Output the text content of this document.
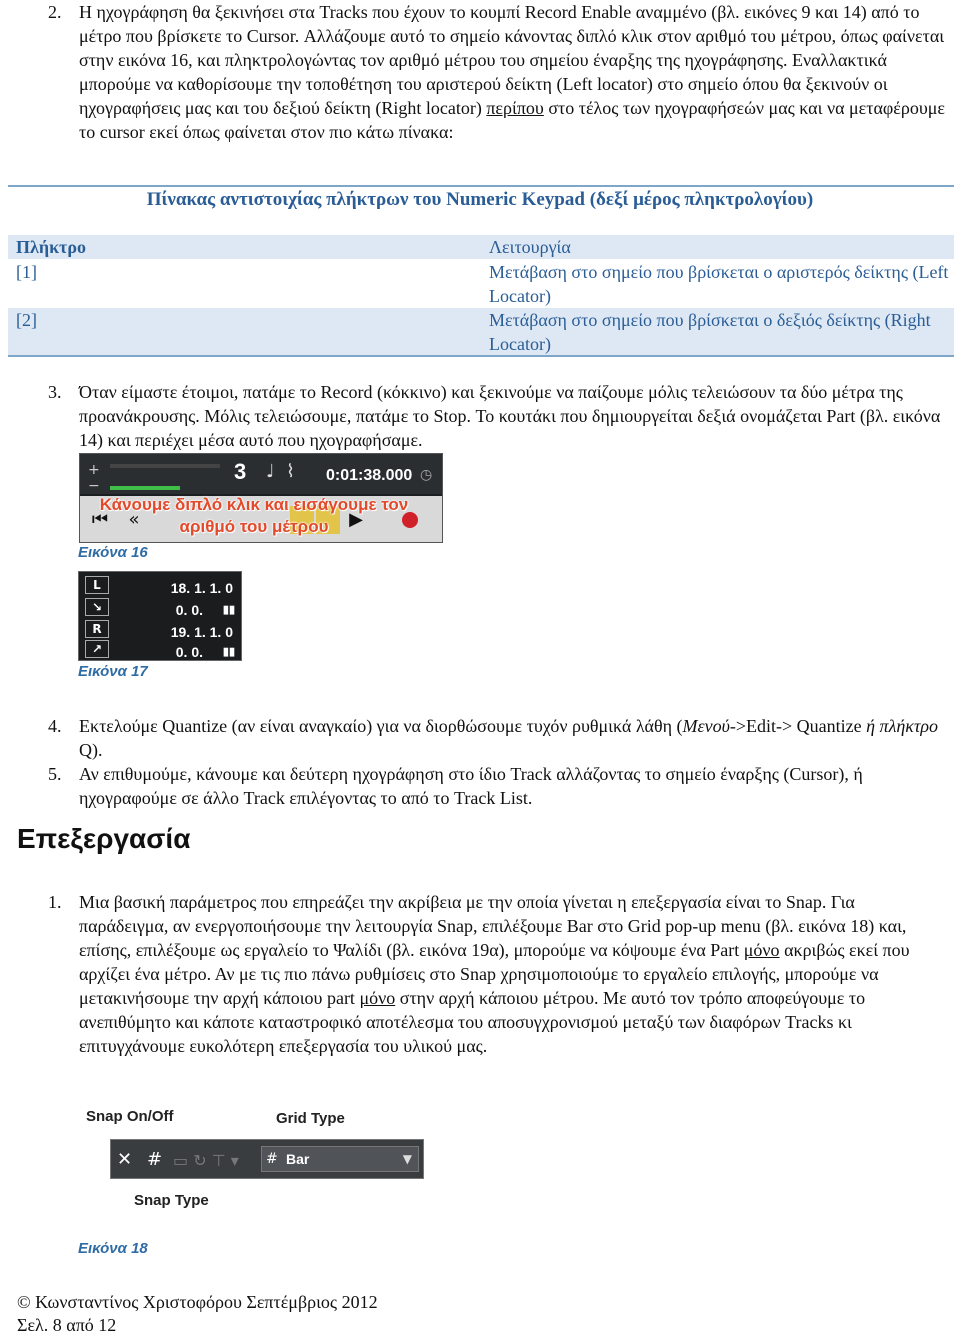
2. Η ηχογράφηση θα ξεκινήσει στα Tracks που έχουν το κουμπί Record Enable αναμμένο (βλ. εικόνες 9 και 14) από το μέτρο που βρίσκετε το Cursor. Αλλάζουμε αυτό το σημείο κάνοντας διπλό κλικ στον αριθμό του μέτρου, όπως φαίνεται στην εικόνα 16, και πληκτρολογώντας τον αριθμό μέτρου του σημείου έναρξης της ηχογράφησης. Εναλλακτικά μπορούμε να καθορίσουμε την τοποθέτηση του αριστερού δείκτη (Left locator) στο σημείο όπου θα ξεκινούν οι ηχογραφήσεις μας και του δεξιού δείκτη (Right locator) περίπου στο τέλος των ηχογραφήσεών μας και να μεταφέρουμε το cursor εκεί όπως φαίνεται στον πιο κάτω πίνακα:
Πίνακας αντιστοιχίας πλήκτρων του Numeric Keypad (δεξί μέρος πληκτρολογίου)
Πλήκτρο	Λειτουργία
[1]	Μετάβαση στο σημείο που βρίσκεται ο αριστερός δείκτης (Left Locator)
[2]	Μετάβαση στο σημείο που βρίσκεται ο δεξιός δείκτης (Right Locator)
3. Όταν είμαστε έτοιμοι, πατάμε το Record (κόκκινο) και ξεκινούμε να παίζουμε μόλις τελειώσουν τα δύο μέτρα της προανάκρουσης. Μόλις τελειώσουμε, πατάμε το Stop. Το κουτάκι που δημιουργείται δεξιά ονομάζεται Part (βλ. εικόνα 14) και περιέχει μέσα αυτό που ηχογραφήσαμε.
+
−
3 ♩ ⌇ 0:01:38.000 ◷
⏮	«	▶
Κάνουμε διπλό κλικ και εισάγουμε τον αριθμό του μέτρου
Εικόνα 16
L	18. 1. 1. 0
↘	0. 0. ▮▮
R	19. 1. 1. 0
↗	0. 0. ▮▮
Εικόνα 17
4. Εκτελούμε Quantize (αν είναι αναγκαίο) για να διορθώσουμε τυχόν ρυθμικά λάθη (Μενού->Edit-> Quantize ή πλήκτρο Q).
5. Αν επιθυμούμε, κάνουμε και δεύτερη ηχογράφηση στο ίδιο Track αλλάζοντας το σημείο έναρξης (Cursor), ή ηχογραφούμε σε άλλο Track επιλέγοντας το από το Track List.
Επεξεργασία
1. Μια βασική παράμετρος που επηρεάζει την ακρίβεια με την οποία γίνεται η επεξεργασία είναι το Snap. Για παράδειγμα, αν ενεργοποιήσουμε την λειτουργία Snap, επιλέξουμε Bar στο Grid pop-up menu (βλ. εικόνα 18) και, επίσης, επιλέξουμε ως εργαλείο το Ψαλίδι (βλ. εικόνα 19α), μπορούμε να κόψουμε ένα Part μόνο ακριβώς εκεί που αρχίζει ένα μέτρο. Αν με τις πιο πάνω ρυθμίσεις στο Snap χρησιμοποιούμε το εργαλείο επιλογής, μπορούμε να μετακινήσουμε την αρχή κάποιου part μόνο στην αρχή κάποιου μέτρου. Με αυτό τον τρόπο αποφεύγουμε το ανεπιθύμητο και κάποτε καταστροφικό αποτέλεσμα του αποσυγχρονισμού μεταξύ των διαφόρων Tracks κι επιτυγχάνουμε ευκολότερη επεξεργασία του υλικού μας.
Snap On/Off	Grid Type
✕ # ▭ ↻ ⊤ ▾ # Bar	▼
Snap Type
Εικόνα 18
© Κωνσταντίνος Χριστοφόρου Σεπτέμβριος 2012
Σελ. 8 από 12
